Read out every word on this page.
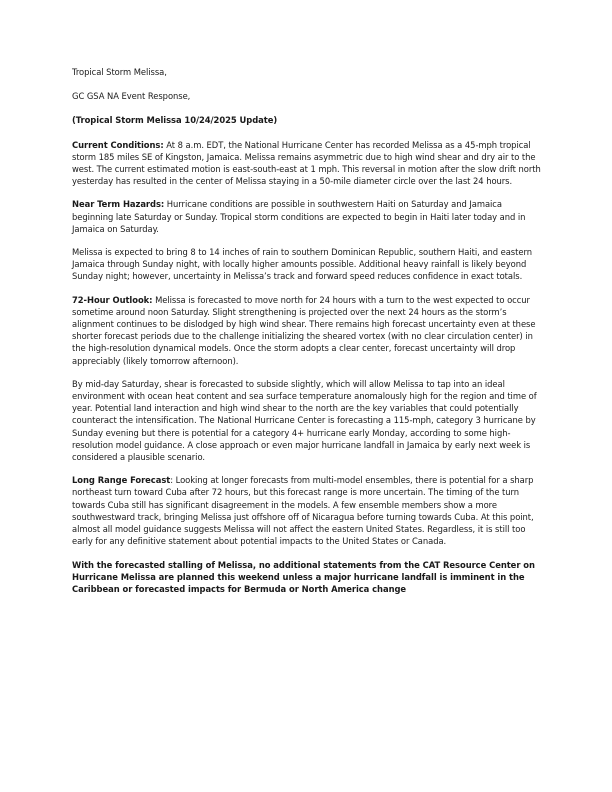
Tropical Storm Melissa,

GC GSA NA Event Response,

(Tropical Storm Melissa 10/24/2025 Update)

Current Conditions: At 8 a.m. EDT, the National Hurricane Center has recorded Melissa as a 45-mph tropical storm 185 miles SE of Kingston, Jamaica. Melissa remains asymmetric due to high wind shear and dry air to the west. The current estimated motion is east-south-east at 1 mph. This reversal in motion after the slow drift north yesterday has resulted in the center of Melissa staying in a 50-mile diameter circle over the last 24 hours.

Near Term Hazards: Hurricane conditions are possible in southwestern Haiti on Saturday and Jamaica beginning late Saturday or Sunday. Tropical storm conditions are expected to begin in Haiti later today and in Jamaica on Saturday.

Melissa is expected to bring 8 to 14 inches of rain to southern Dominican Republic, southern Haiti, and eastern Jamaica through Sunday night, with locally higher amounts possible. Additional heavy rainfall is likely beyond Sunday night; however, uncertainty in Melissa’s track and forward speed reduces confidence in exact totals.

72-Hour Outlook: Melissa is forecasted to move north for 24 hours with a turn to the west expected to occur sometime around noon Saturday. Slight strengthening is projected over the next 24 hours as the storm’s alignment continues to be dislodged by high wind shear. There remains high forecast uncertainty even at these shorter forecast periods due to the challenge initializing the sheared vortex (with no clear circulation center) in the high-resolution dynamical models. Once the storm adopts a clear center, forecast uncertainty will drop appreciably (likely tomorrow afternoon).

By mid-day Saturday, shear is forecasted to subside slightly, which will allow Melissa to tap into an ideal environment with ocean heat content and sea surface temperature anomalously high for the region and time of year. Potential land interaction and high wind shear to the north are the key variables that could potentially counteract the intensification. The National Hurricane Center is forecasting a 115-mph, category 3 hurricane by Sunday evening but there is potential for a category 4+ hurricane early Monday, according to some high-resolution model guidance. A close approach or even major hurricane landfall in Jamaica by early next week is considered a plausible scenario.

Long Range Forecast: Looking at longer forecasts from multi-model ensembles, there is potential for a sharp northeast turn toward Cuba after 72 hours, but this forecast range is more uncertain. The timing of the turn towards Cuba still has significant disagreement in the models. A few ensemble members show a more southwestward track, bringing Melissa just offshore off of Nicaragua before turning towards Cuba. At this point, almost all model guidance suggests Melissa will not affect the eastern United States. Regardless, it is still too early for any definitive statement about potential impacts to the United States or Canada.

With the forecasted stalling of Melissa, no additional statements from the CAT Resource Center on Hurricane Melissa are planned this weekend unless a major hurricane landfall is imminent in the Caribbean or forecasted impacts for Bermuda or North America change
